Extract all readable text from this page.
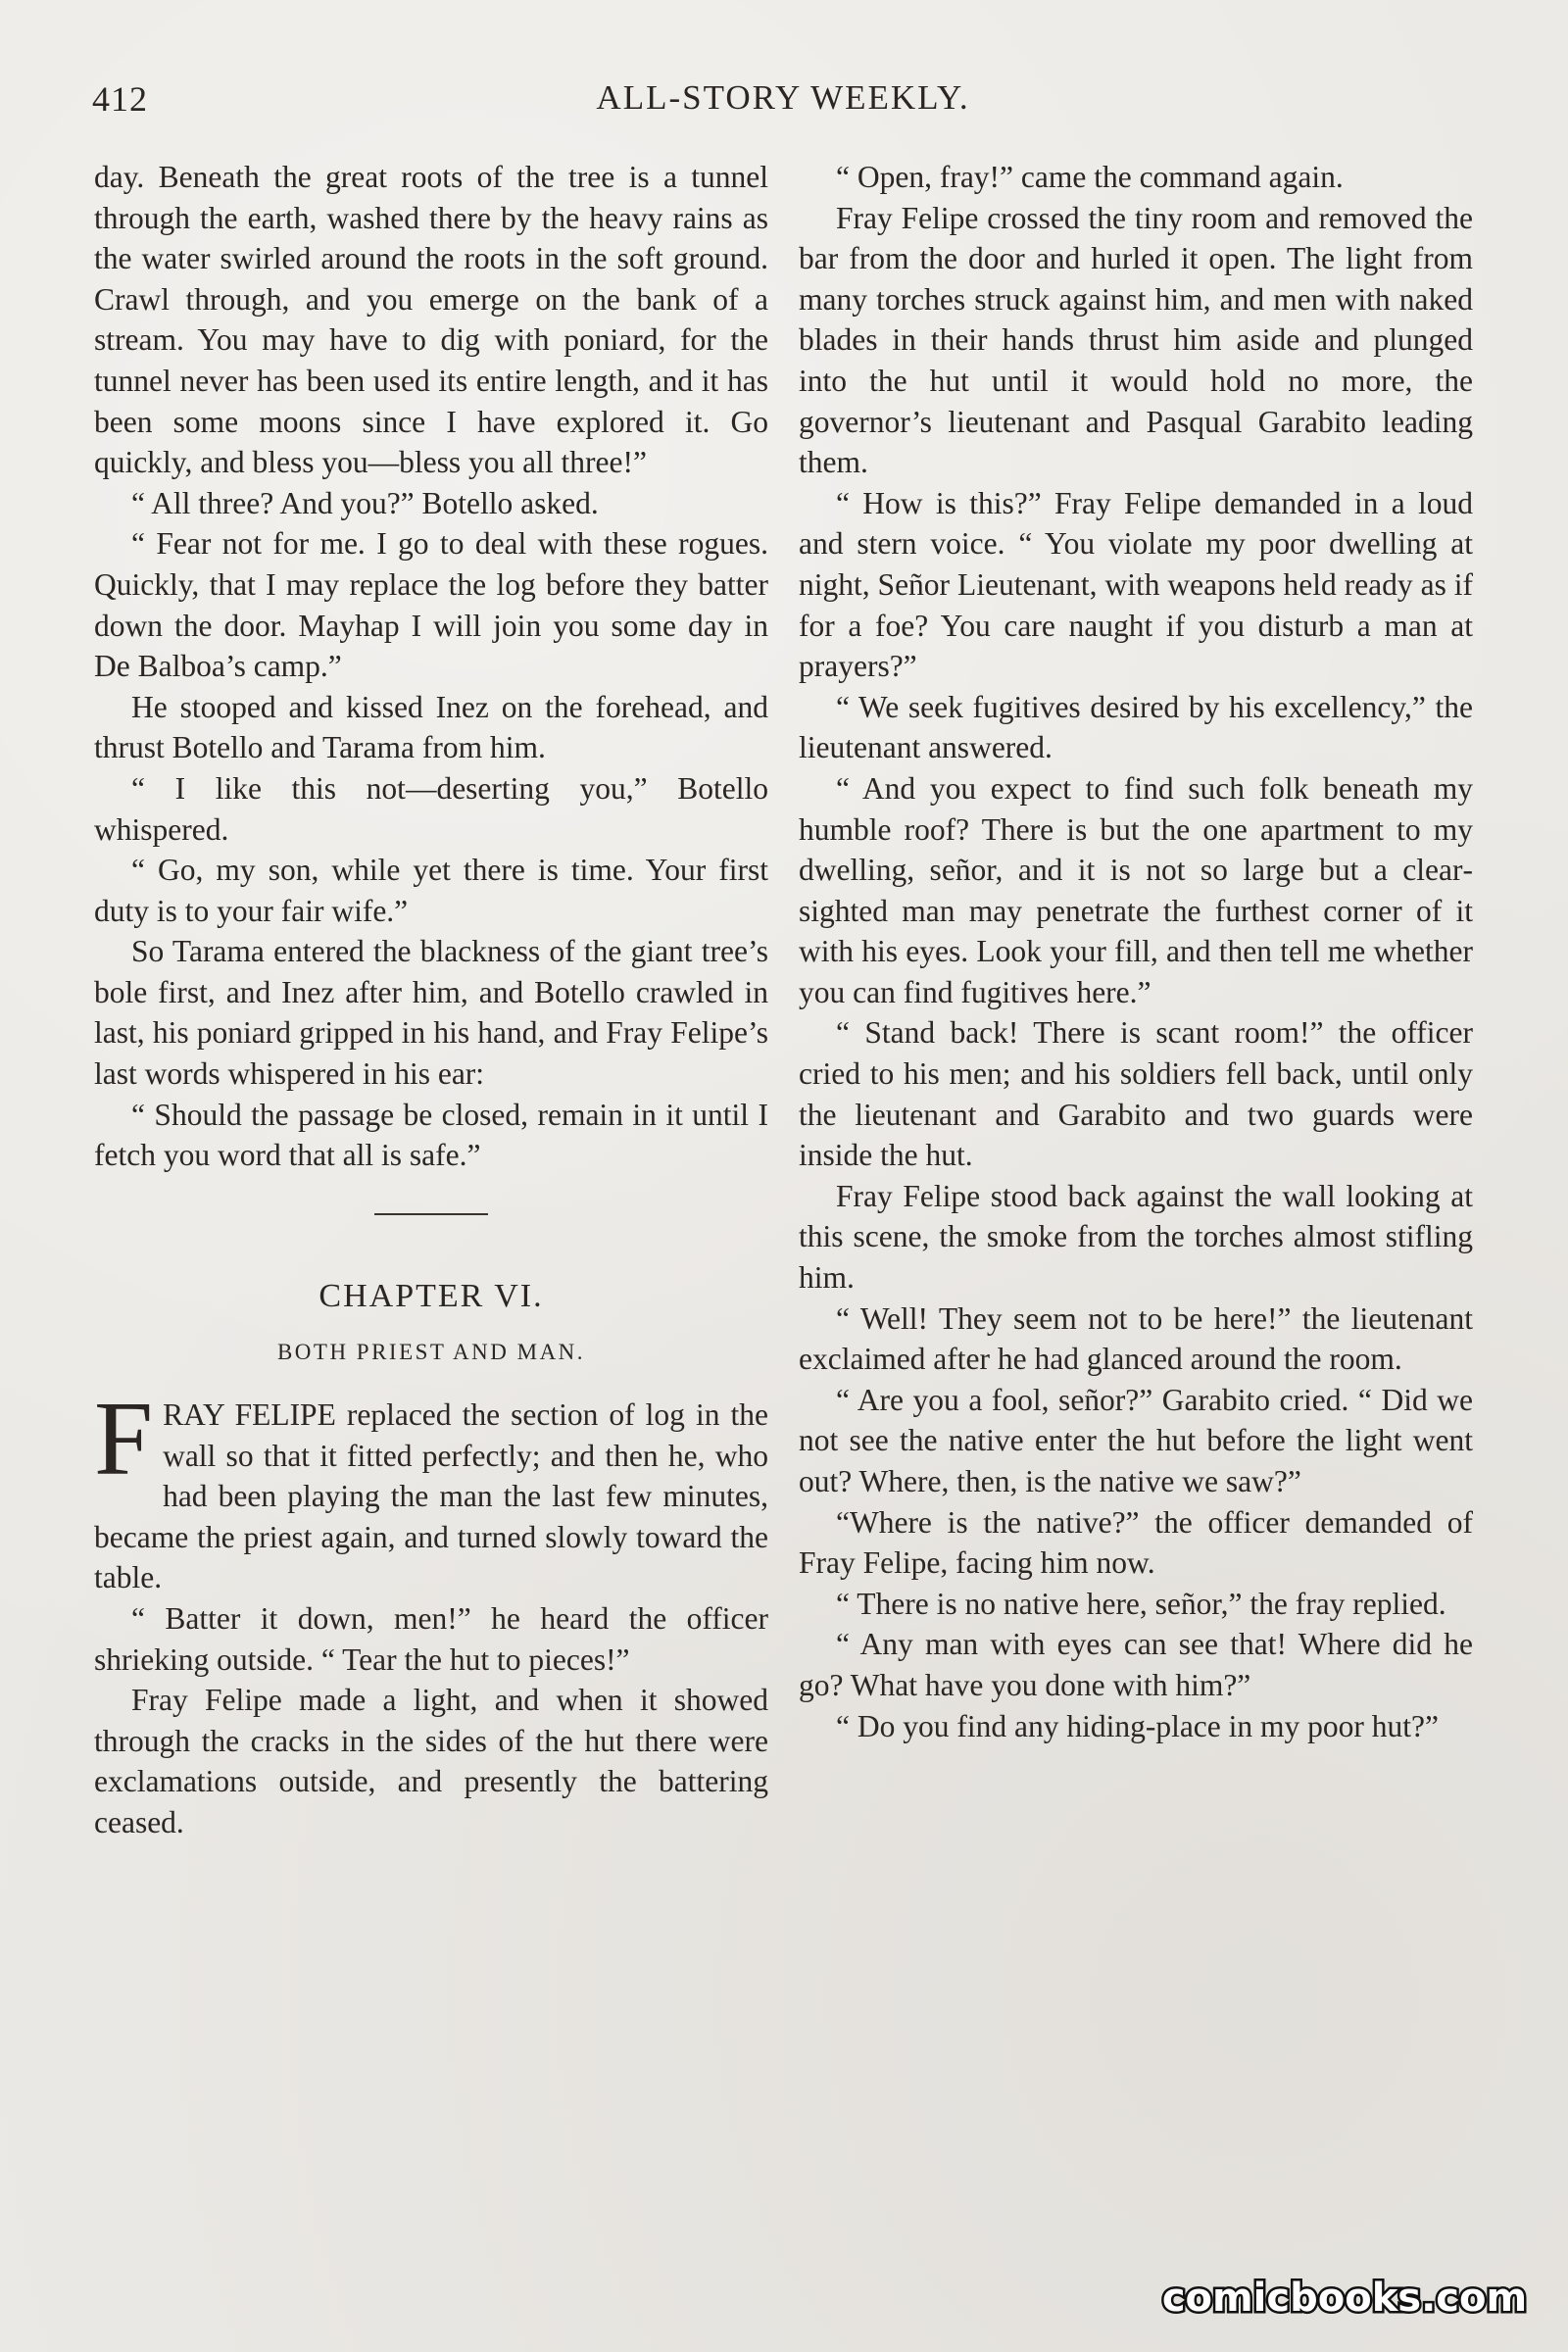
412	ALL-STORY WEEKLY.

day. Beneath the great roots of the tree is a tunnel through the earth, washed there by the heavy rains as the water swirled around the roots in the soft ground. Crawl through, and you emerge on the bank of a stream. You may have to dig with poniard, for the tunnel never has been used its entire length, and it has been some moons since I have explored it. Go quickly, and bless you—bless you all three!”

“ All three? And you?” Botello asked.

“ Fear not for me. I go to deal with these rogues. Quickly, that I may replace the log before they batter down the door. Mayhap I will join you some day in De Balboa’s camp.”

He stooped and kissed Inez on the forehead, and thrust Botello and Tarama from him.

“ I like this not—deserting you,” Botello whispered.

“ Go, my son, while yet there is time. Your first duty is to your fair wife.”

So Tarama entered the blackness of the giant tree’s bole first, and Inez after him, and Botello crawled in last, his poniard gripped in his hand, and Fray Felipe’s last words whispered in his ear:

“ Should the passage be closed, remain in it until I fetch you word that all is safe.”

CHAPTER VI.
BOTH PRIEST AND MAN.

FRAY FELIPE replaced the section of log in the wall so that it fitted perfectly; and then he, who had been playing the man the last few minutes, became the priest again, and turned slowly toward the table.

“ Batter it down, men!” he heard the officer shrieking outside. “ Tear the hut to pieces!”

Fray Felipe made a light, and when it showed through the cracks in the sides of the hut there were exclamations outside, and presently the battering ceased.

“ Open, fray!” came the command again.

Fray Felipe crossed the tiny room and removed the bar from the door and hurled it open. The light from many torches struck against him, and men with naked blades in their hands thrust him aside and plunged into the hut until it would hold no more, the governor’s lieutenant and Pasqual Garabito leading them.

“ How is this?” Fray Felipe demanded in a loud and stern voice. “ You violate my poor dwelling at night, Señor Lieutenant, with weapons held ready as if for a foe? You care naught if you disturb a man at prayers?”

“ We seek fugitives desired by his excellency,” the lieutenant answered.

“ And you expect to find such folk beneath my humble roof? There is but the one apartment to my dwelling, señor, and it is not so large but a clearsighted man may penetrate the furthest corner of it with his eyes. Look your fill, and then tell me whether you can find fugitives here.”

“ Stand back! There is scant room!” the officer cried to his men; and his soldiers fell back, until only the lieutenant and Garabito and two guards were inside the hut.

Fray Felipe stood back against the wall looking at this scene, the smoke from the torches almost stifling him.

“ Well! They seem not to be here!” the lieutenant exclaimed after he had glanced around the room.

“ Are you a fool, señor?” Garabito cried. “ Did we not see the native enter the hut before the light went out? Where, then, is the native we saw?”

“Where is the native?” the officer demanded of Fray Felipe, facing him now.

“ There is no native here, señor,” the fray replied.

“ Any man with eyes can see that! Where did he go? What have you done with him?”

“ Do you find any hiding-place in my poor hut?”

comicbooks.com
